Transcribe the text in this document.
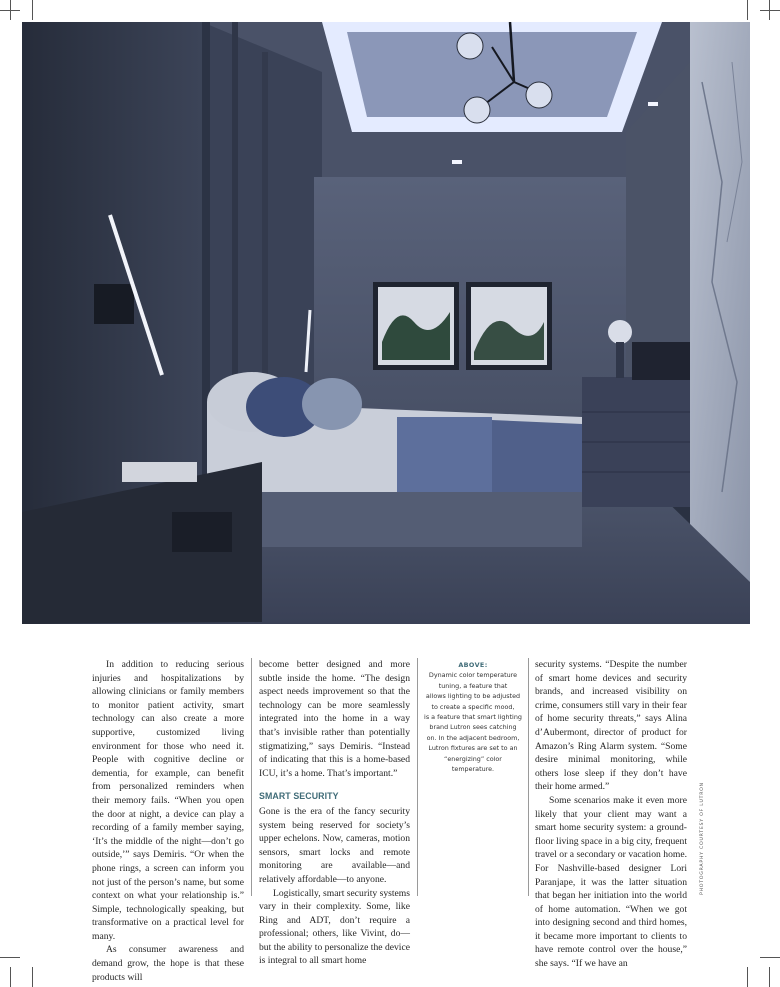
In addition to reducing serious injuries and hospitalizations by allowing clinicians or family members to monitor patient activity, smart technology can also create a more supportive, customized living environment for those who need it. People with cognitive decline or dementia, for example, can benefit from personalized reminders when their memory fails. “When you open the door at night, a device can play a recording of a family member saying, ‘It’s the middle of the night—don’t go outside,’” says Demiris. “Or when the phone rings, a screen can inform you not just of the person’s name, but some context on what your relationship is.” Simple, technologically speaking, but transformative on a practical level for many.

As consumer awareness and demand grow, the hope is that these products will

become better designed and more subtle inside the home. “The design aspect needs improvement so that the technology can be more seamlessly integrated into the home in a way that’s invisible rather than potentially stigmatizing,” says Demiris. “Instead of indicating that this is a home-based ICU, it’s a home. That’s important.”

SMART SECURITY

Gone is the era of the fancy security system being reserved for society’s upper echelons. Now, cameras, motion sensors, smart locks and remote monitoring are available—and relatively affordable—to anyone.

Logistically, smart security systems vary in their complexity. Some, like Ring and ADT, don’t require a professional; others, like Vivint, do—but the ability to personalize the device is integral to all smart home

ABOVE:
Dynamic color temperature
tuning, a feature that
allows lighting to be adjusted
to create a specific mood,
is a feature that smart lighting
brand Lutron sees catching
on. In the adjacent bedroom,
Lutron fixtures are set to an
“energizing” color temperature.

security systems. “Despite the number of smart home devices and security brands, and increased visibility on crime, consumers still vary in their fear of home security threats,” says Alina d’Aubermont, director of product for Amazon’s Ring Alarm system. “Some desire minimal monitoring, while others lose sleep if they don’t have their home armed.”

Some scenarios make it even more likely that your client may want a smart home security system: a ground-floor living space in a big city, frequent travel or a secondary or vacation home. For Nashville-based designer Lori Paranjape, it was the latter situation that began her initiation into the world of home automation. “When we got into designing second and third homes, it became more important to clients to have remote control over the house,” she says. “If we have an

PHOTOGRAPHY COURTESY OF LUTRON
